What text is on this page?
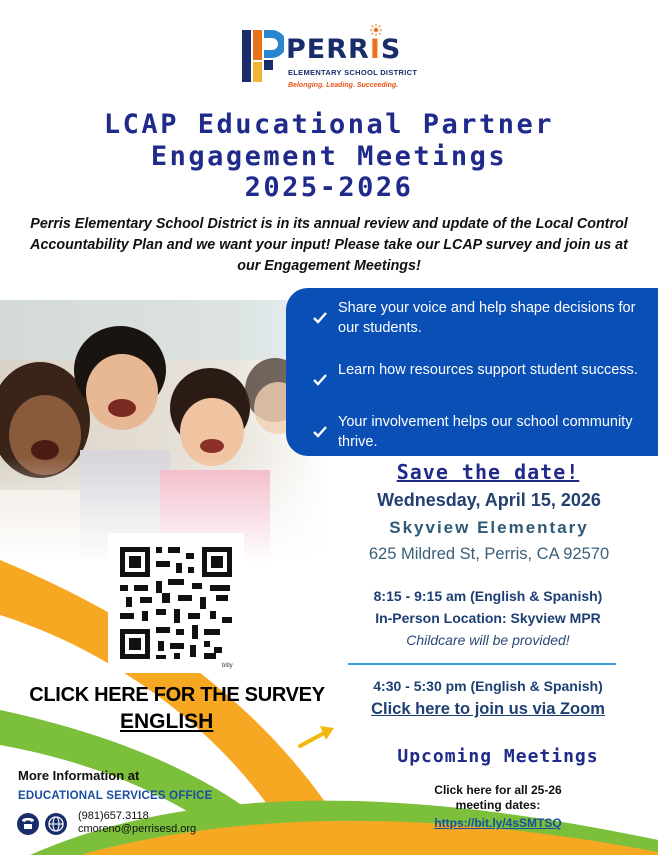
PERRIS
ELEMENTARY SCHOOL DISTRICT
Belonging. Leading. Succeeding.
LCAP Educational Partner
Engagement Meetings
2025-2026
Perris Elementary School District is in its annual review and update of the Local Control Accountability Plan and we want your input! Please take our LCAP survey and join us at our Engagement Meetings!
Share your voice and help shape decisions for our students.
Learn how resources support student success.
Your involvement helps our school community thrive.
bitly
CLICK HERE FOR THE SURVEY
ENGLISH
Save the date!
Wednesday, April 15, 2026
Skyview Elementary
625 Mildred St, Perris, CA 92570
8:15 - 9:15 am (English & Spanish)
In-Person Location: Skyview MPR
Childcare will be provided!
4:30 - 5:30 pm (English & Spanish)
Click here to join us via Zoom
Upcoming Meetings
Click here for all 25-26 meeting dates:
https://bit.ly/4sSMTSQ
More Information at
EDUCATIONAL SERVICES OFFICE
(981)657.3118
cmoreno@perrisesd.org
